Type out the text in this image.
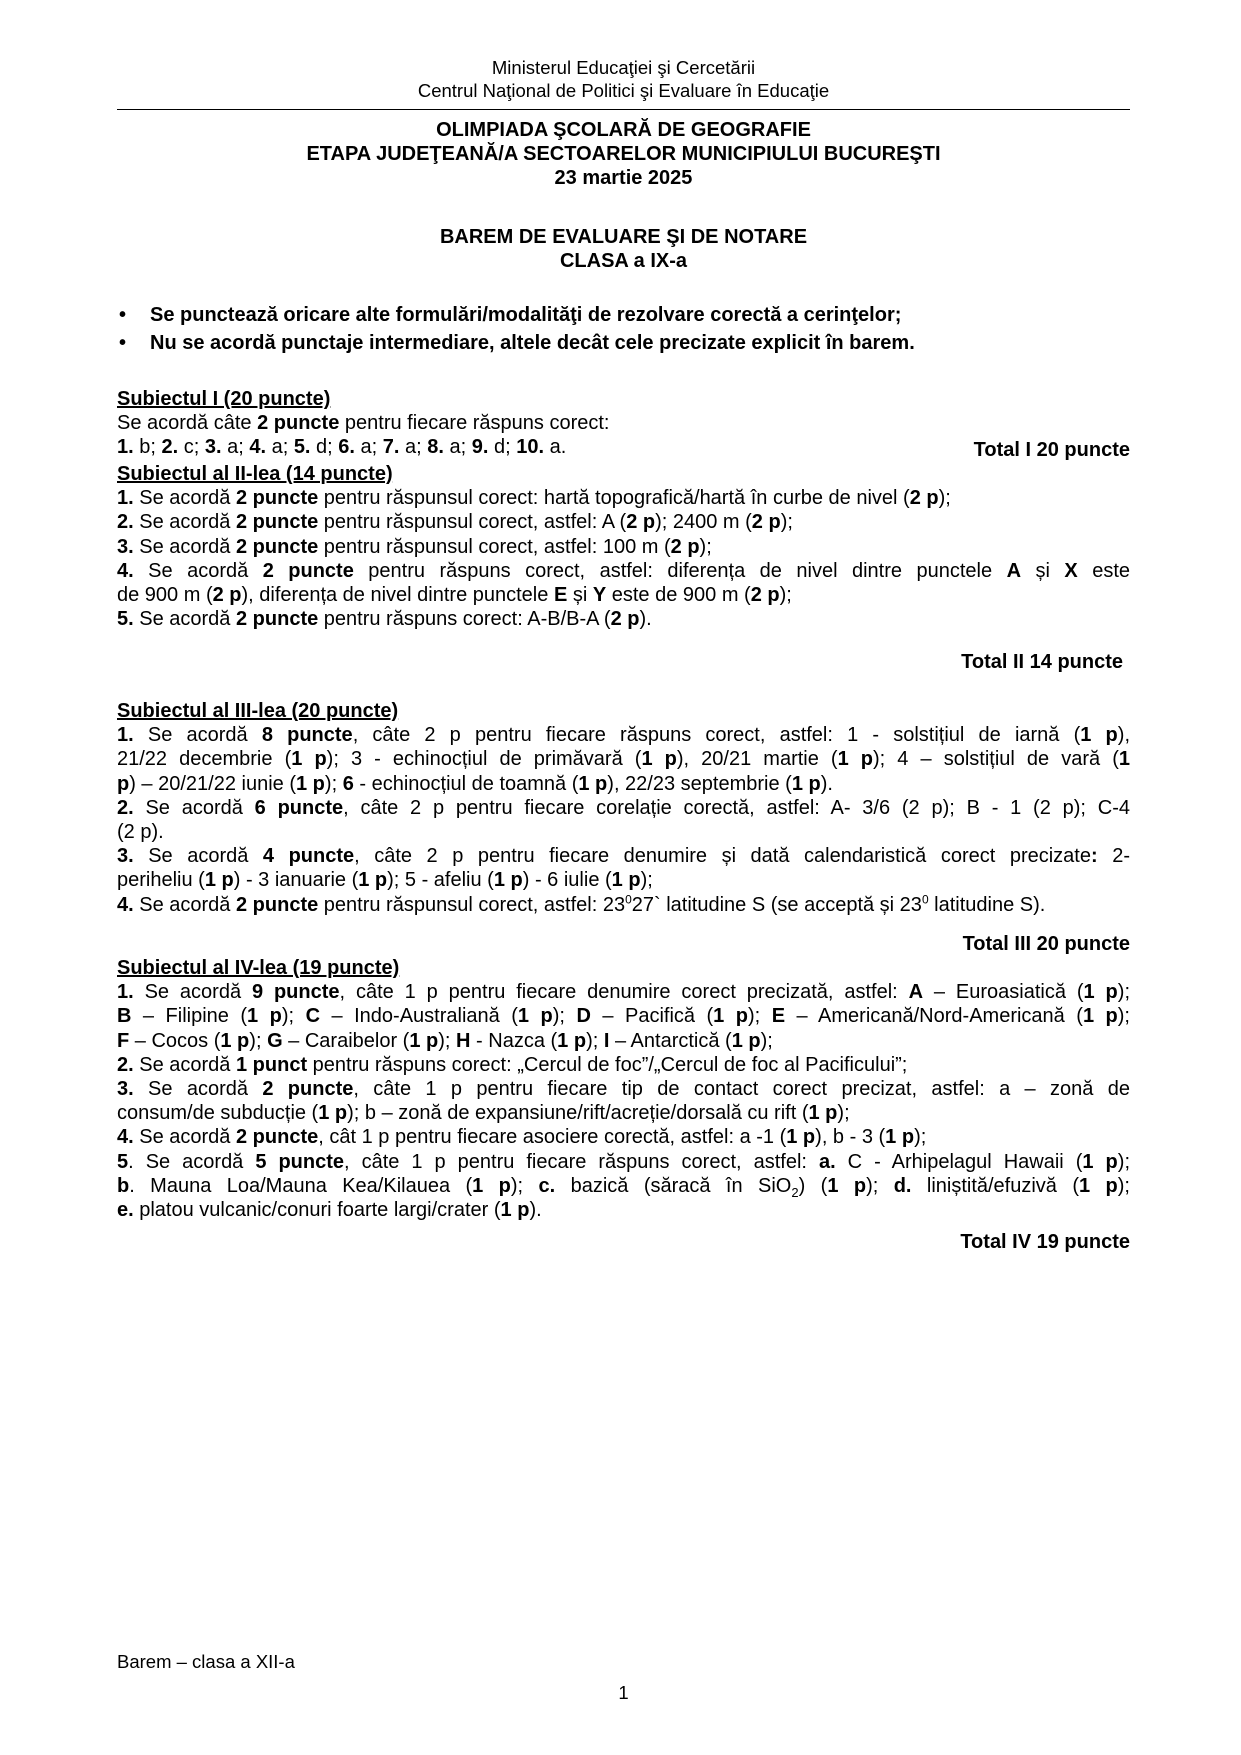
Ministerul Educaţiei şi Cercetării
Centrul Naţional de Politici şi Evaluare în Educaţie
OLIMPIADA ŞCOLARĂ DE GEOGRAFIE
ETAPA JUDEŢEANĂ/A SECTOARELOR MUNICIPIULUI BUCUREŞTI
23 martie 2025
BAREM DE EVALUARE ŞI DE NOTARE
CLASA a IX-a
• Se punctează oricare alte formulări/modalităţi de rezolvare corectă a cerinţelor;
• Nu se acordă punctaje intermediare, altele decât cele precizate explicit în barem.
Subiectul I (20 puncte)
Se acordă câte 2 puncte pentru fiecare răspuns corect:
1. b; 2. c; 3. a; 4. a; 5. d; 6. a; 7. a; 8. a; 9. d; 10. a.	Total I 20 puncte
Subiectul al II-lea (14 puncte)
1. Se acordă 2 puncte pentru răspunsul corect: hartă topografică/hartă în curbe de nivel (2 p);
2. Se acordă 2 puncte pentru răspunsul corect, astfel: A (2 p); 2400 m (2 p);
3. Se acordă 2 puncte pentru răspunsul corect, astfel: 100 m (2 p);
4. Se acordă 2 puncte pentru răspuns corect, astfel: diferența de nivel dintre punctele A și X este
de 900 m (2 p), diferența de nivel dintre punctele E și Y este de 900 m (2 p);
5. Se acordă 2 puncte pentru răspuns corect: A-B/B-A (2 p).
Total II 14 puncte
Subiectul al III-lea (20 puncte)
1. Se acordă 8 puncte, câte 2 p pentru fiecare răspuns corect, astfel: 1 - solstițiul de iarnă (1 p),
21/22 decembrie (1 p); 3 - echinocțiul de primăvară (1 p), 20/21 martie (1 p); 4 – solstițiul de vară (1
p) – 20/21/22 iunie (1 p); 6 - echinocțiul de toamnă (1 p), 22/23 septembrie (1 p).
2. Se acordă 6 puncte, câte 2 p pentru fiecare corelație corectă, astfel: A- 3/6 (2 p); B - 1 (2 p); C-4
(2 p).
3. Se acordă 4 puncte, câte 2 p pentru fiecare denumire și dată calendaristică corect precizate: 2-
periheliu (1 p) - 3 ianuarie (1 p); 5 - afeliu (1 p) - 6 iulie (1 p);
4. Se acordă 2 puncte pentru răspunsul corect, astfel: $23^027`$ latitudine S (se acceptă și $23^0$ latitudine S).
Total III 20 puncte
Subiectul al IV-lea (19 puncte)
1. Se acordă 9 puncte, câte 1 p pentru fiecare denumire corect precizată, astfel: A – Euroasiatică (1 p);
B – Filipine (1 p); C – Indo-Australiană (1 p); D – Pacifică (1 p); E – Americană/Nord-Americană (1 p);
F – Cocos (1 p); G – Caraibelor (1 p); H - Nazca (1 p); I – Antarctică (1 p);
2. Se acordă 1 punct pentru răspuns corect: „Cercul de foc”/„Cercul de foc al Pacificului”;
3. Se acordă 2 puncte, câte 1 p pentru fiecare tip de contact corect precizat, astfel: a – zonă de
consum/de subducție (1 p); b – zonă de expansiune/rift/acreție/dorsală cu rift (1 p);
4. Se acordă 2 puncte, cât 1 p pentru fiecare asociere corectă, astfel: a -1 (1 p), b - 3 (1 p);
5. Se acordă 5 puncte, câte 1 p pentru fiecare răspuns corect, astfel: a. C - Arhipelagul Hawaii (1 p);
b. Mauna Loa/Mauna Kea/Kilauea (1 p); c. bazică (săracă în SiO$_2$) (1 p); d. liniștită/efuzivă (1 p);
e. platou vulcanic/conuri foarte largi/crater (1 p).
Total IV 19 puncte
Barem – clasa a XII-a
1
